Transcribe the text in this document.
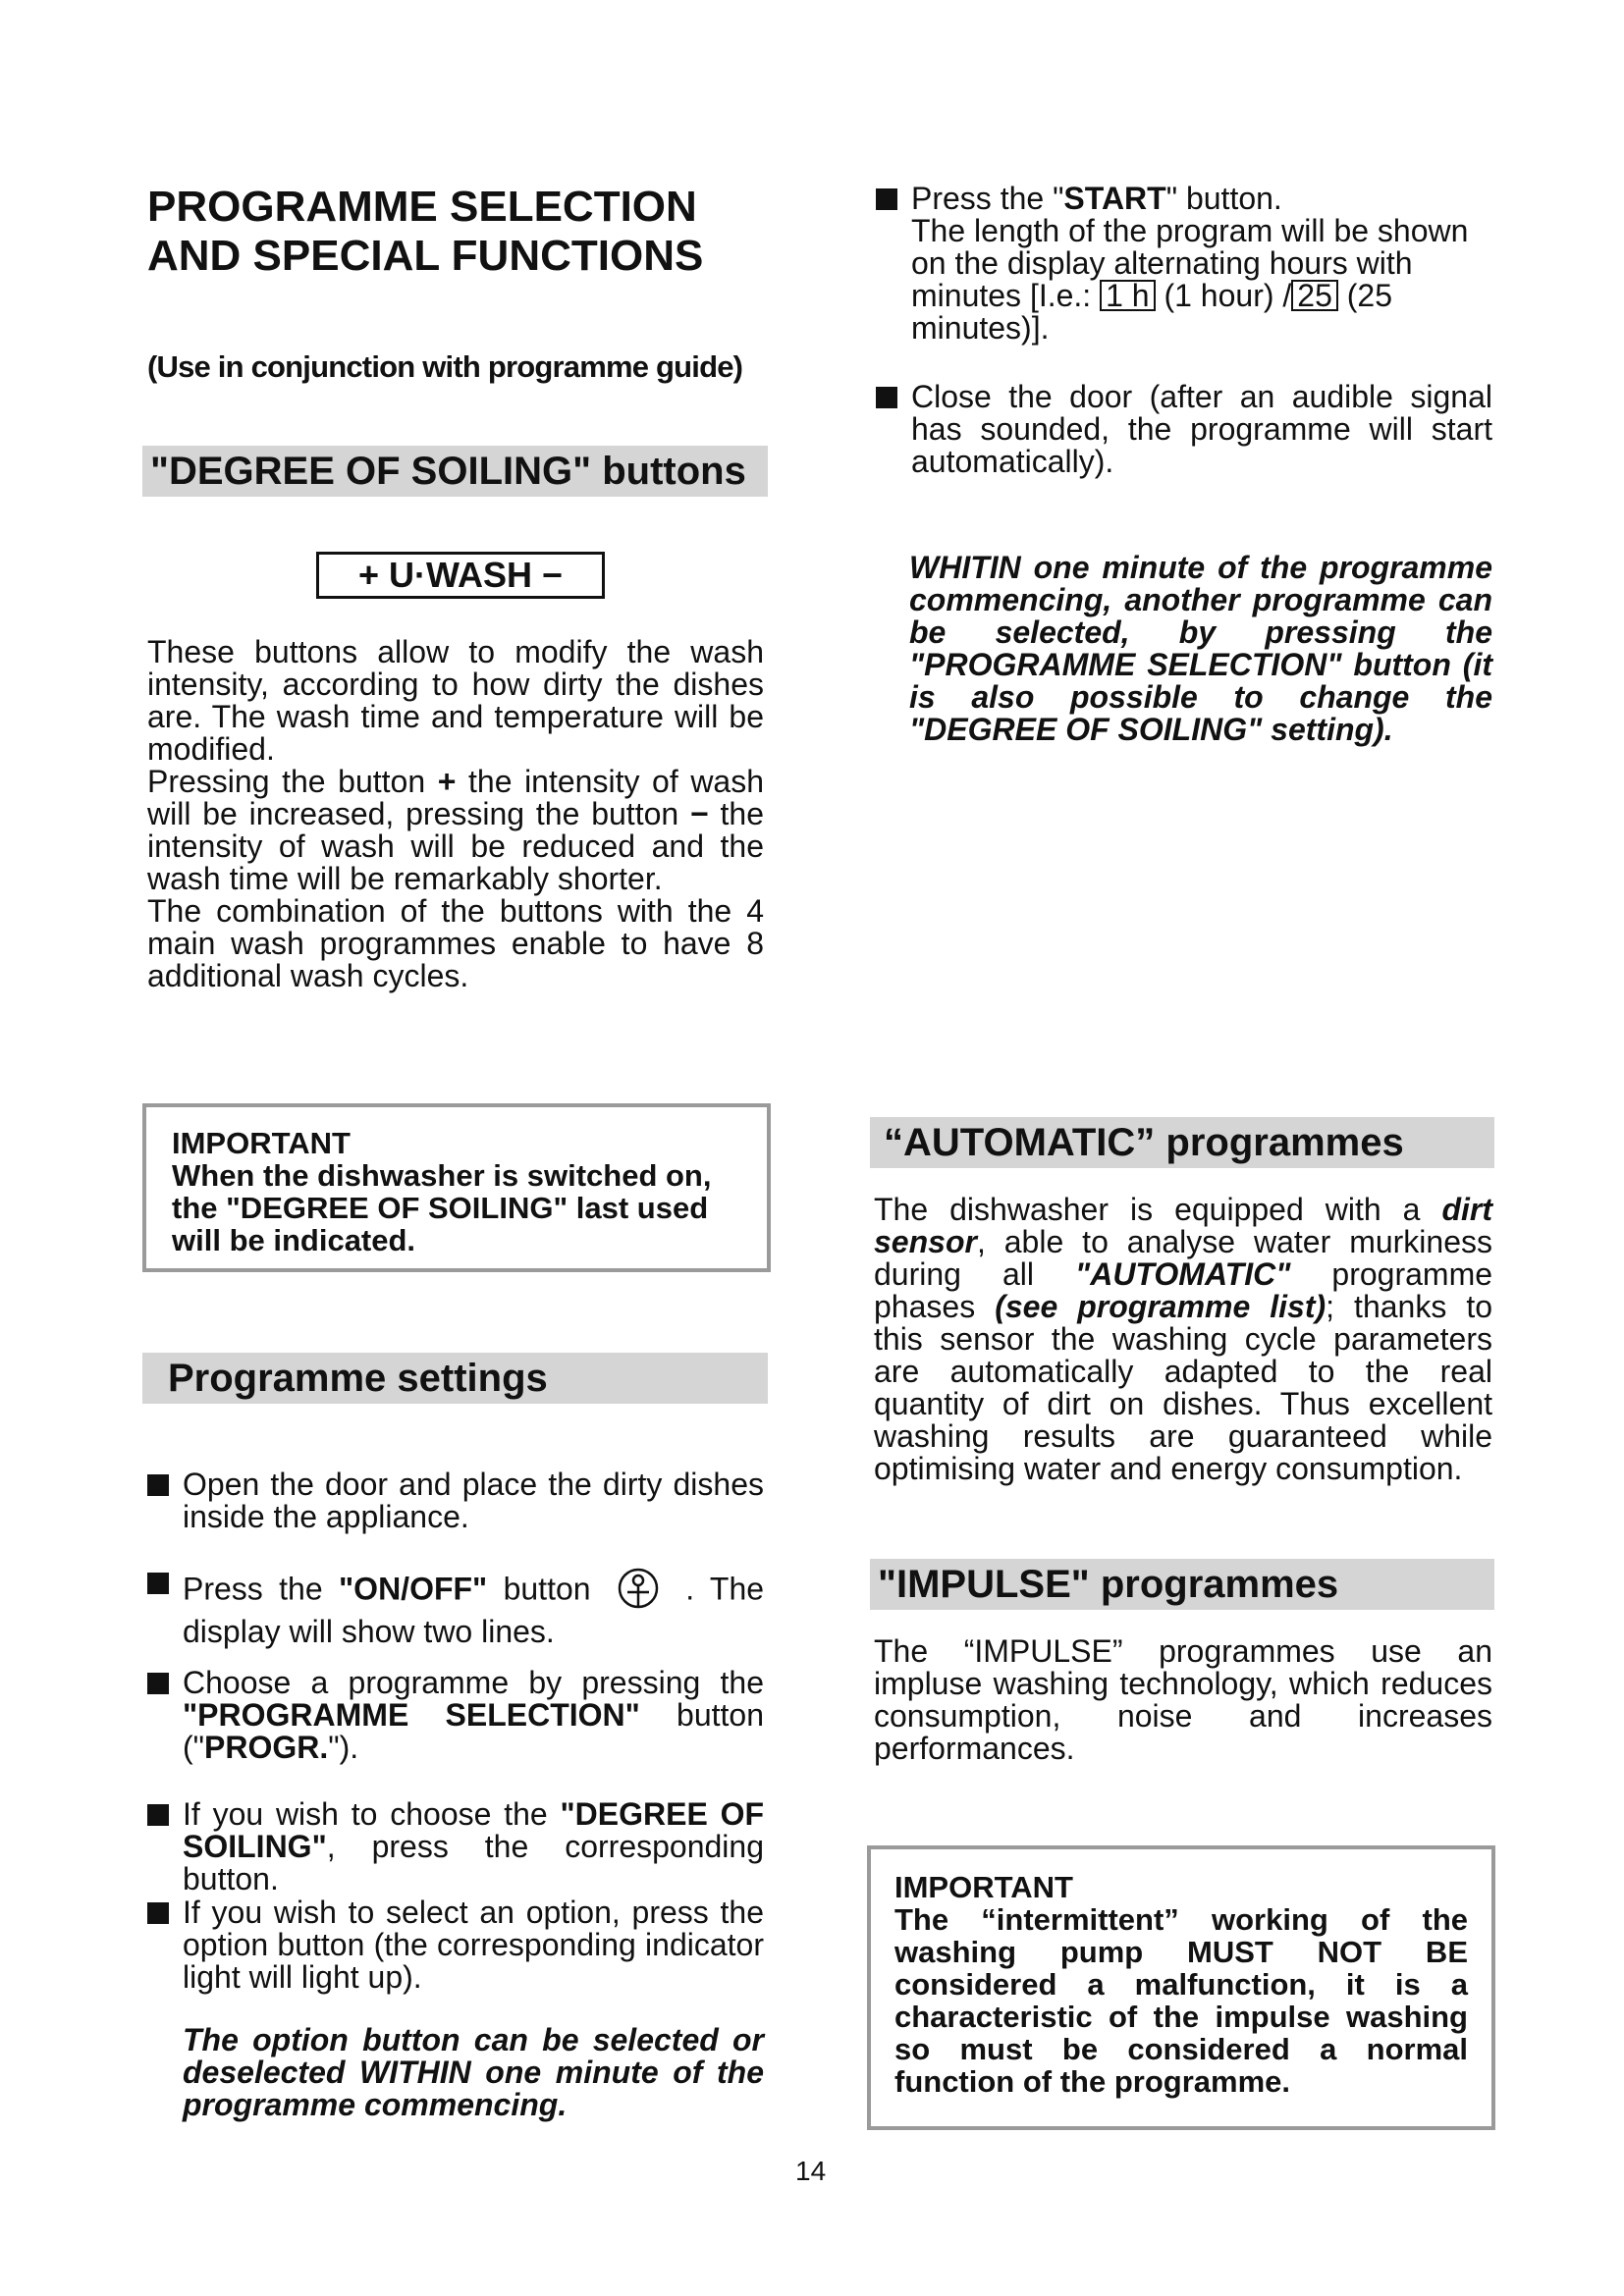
PROGRAMME SELECTION
AND SPECIAL FUNCTIONS
(Use in conjunction with programme guide)
"DEGREE OF SOILING" buttons
+ U·WASH −
These buttons allow to modify the wash intensity, according to how dirty the dishes are. The wash time and temperature will be modified.
Pressing the button + the intensity of wash will be increased, pressing the button − the intensity of wash will be reduced and the wash time will be remarkably shorter.
The combination of the buttons with the 4 main wash programmes enable to have 8 additional wash cycles.
IMPORTANT
When the dishwasher is switched on, the "DEGREE OF SOILING" last used will be indicated.
Programme settings
Open the door and place the dirty dishes inside the appliance.
Press the "ON/OFF" button	. The display will show two lines.
Choose a programme by pressing the "PROGRAMME SELECTION" button ("PROGR.").
If you wish to choose the "DEGREE OF SOILING", press the corresponding button.
If you wish to select an option, press the option button (the corresponding indicator light will light up).
The option button can be selected or deselected WITHIN one minute of the programme commencing.
Press the "START" button.
The length of the program will be shown on the display alternating hours with minutes [I.e.: 1 h (1 hour) / 25 (25 minutes)].
Close the door (after an audible signal has sounded, the programme will start automatically).
WHITIN one minute of the programme commencing, another programme can be selected, by pressing the "PROGRAMME SELECTION" button (it is also possible to change the "DEGREE OF SOILING" setting).
“AUTOMATIC” programmes
The dishwasher is equipped with a dirt sensor, able to analyse water murkiness during all "AUTOMATIC" programme phases (see programme list); thanks to this sensor the washing cycle parameters are automatically adapted to the real quantity of dirt on dishes. Thus excellent washing results are guaranteed while optimising water and energy consumption.
"IMPULSE" programmes
The “IMPULSE” programmes use an impluse washing technology, which reduces consumption, noise and increases performances.
IMPORTANT
The “intermittent” working of the washing pump MUST NOT BE considered a malfunction, it is a characteristic of the impulse washing so must be considered a normal function of the programme.
14
